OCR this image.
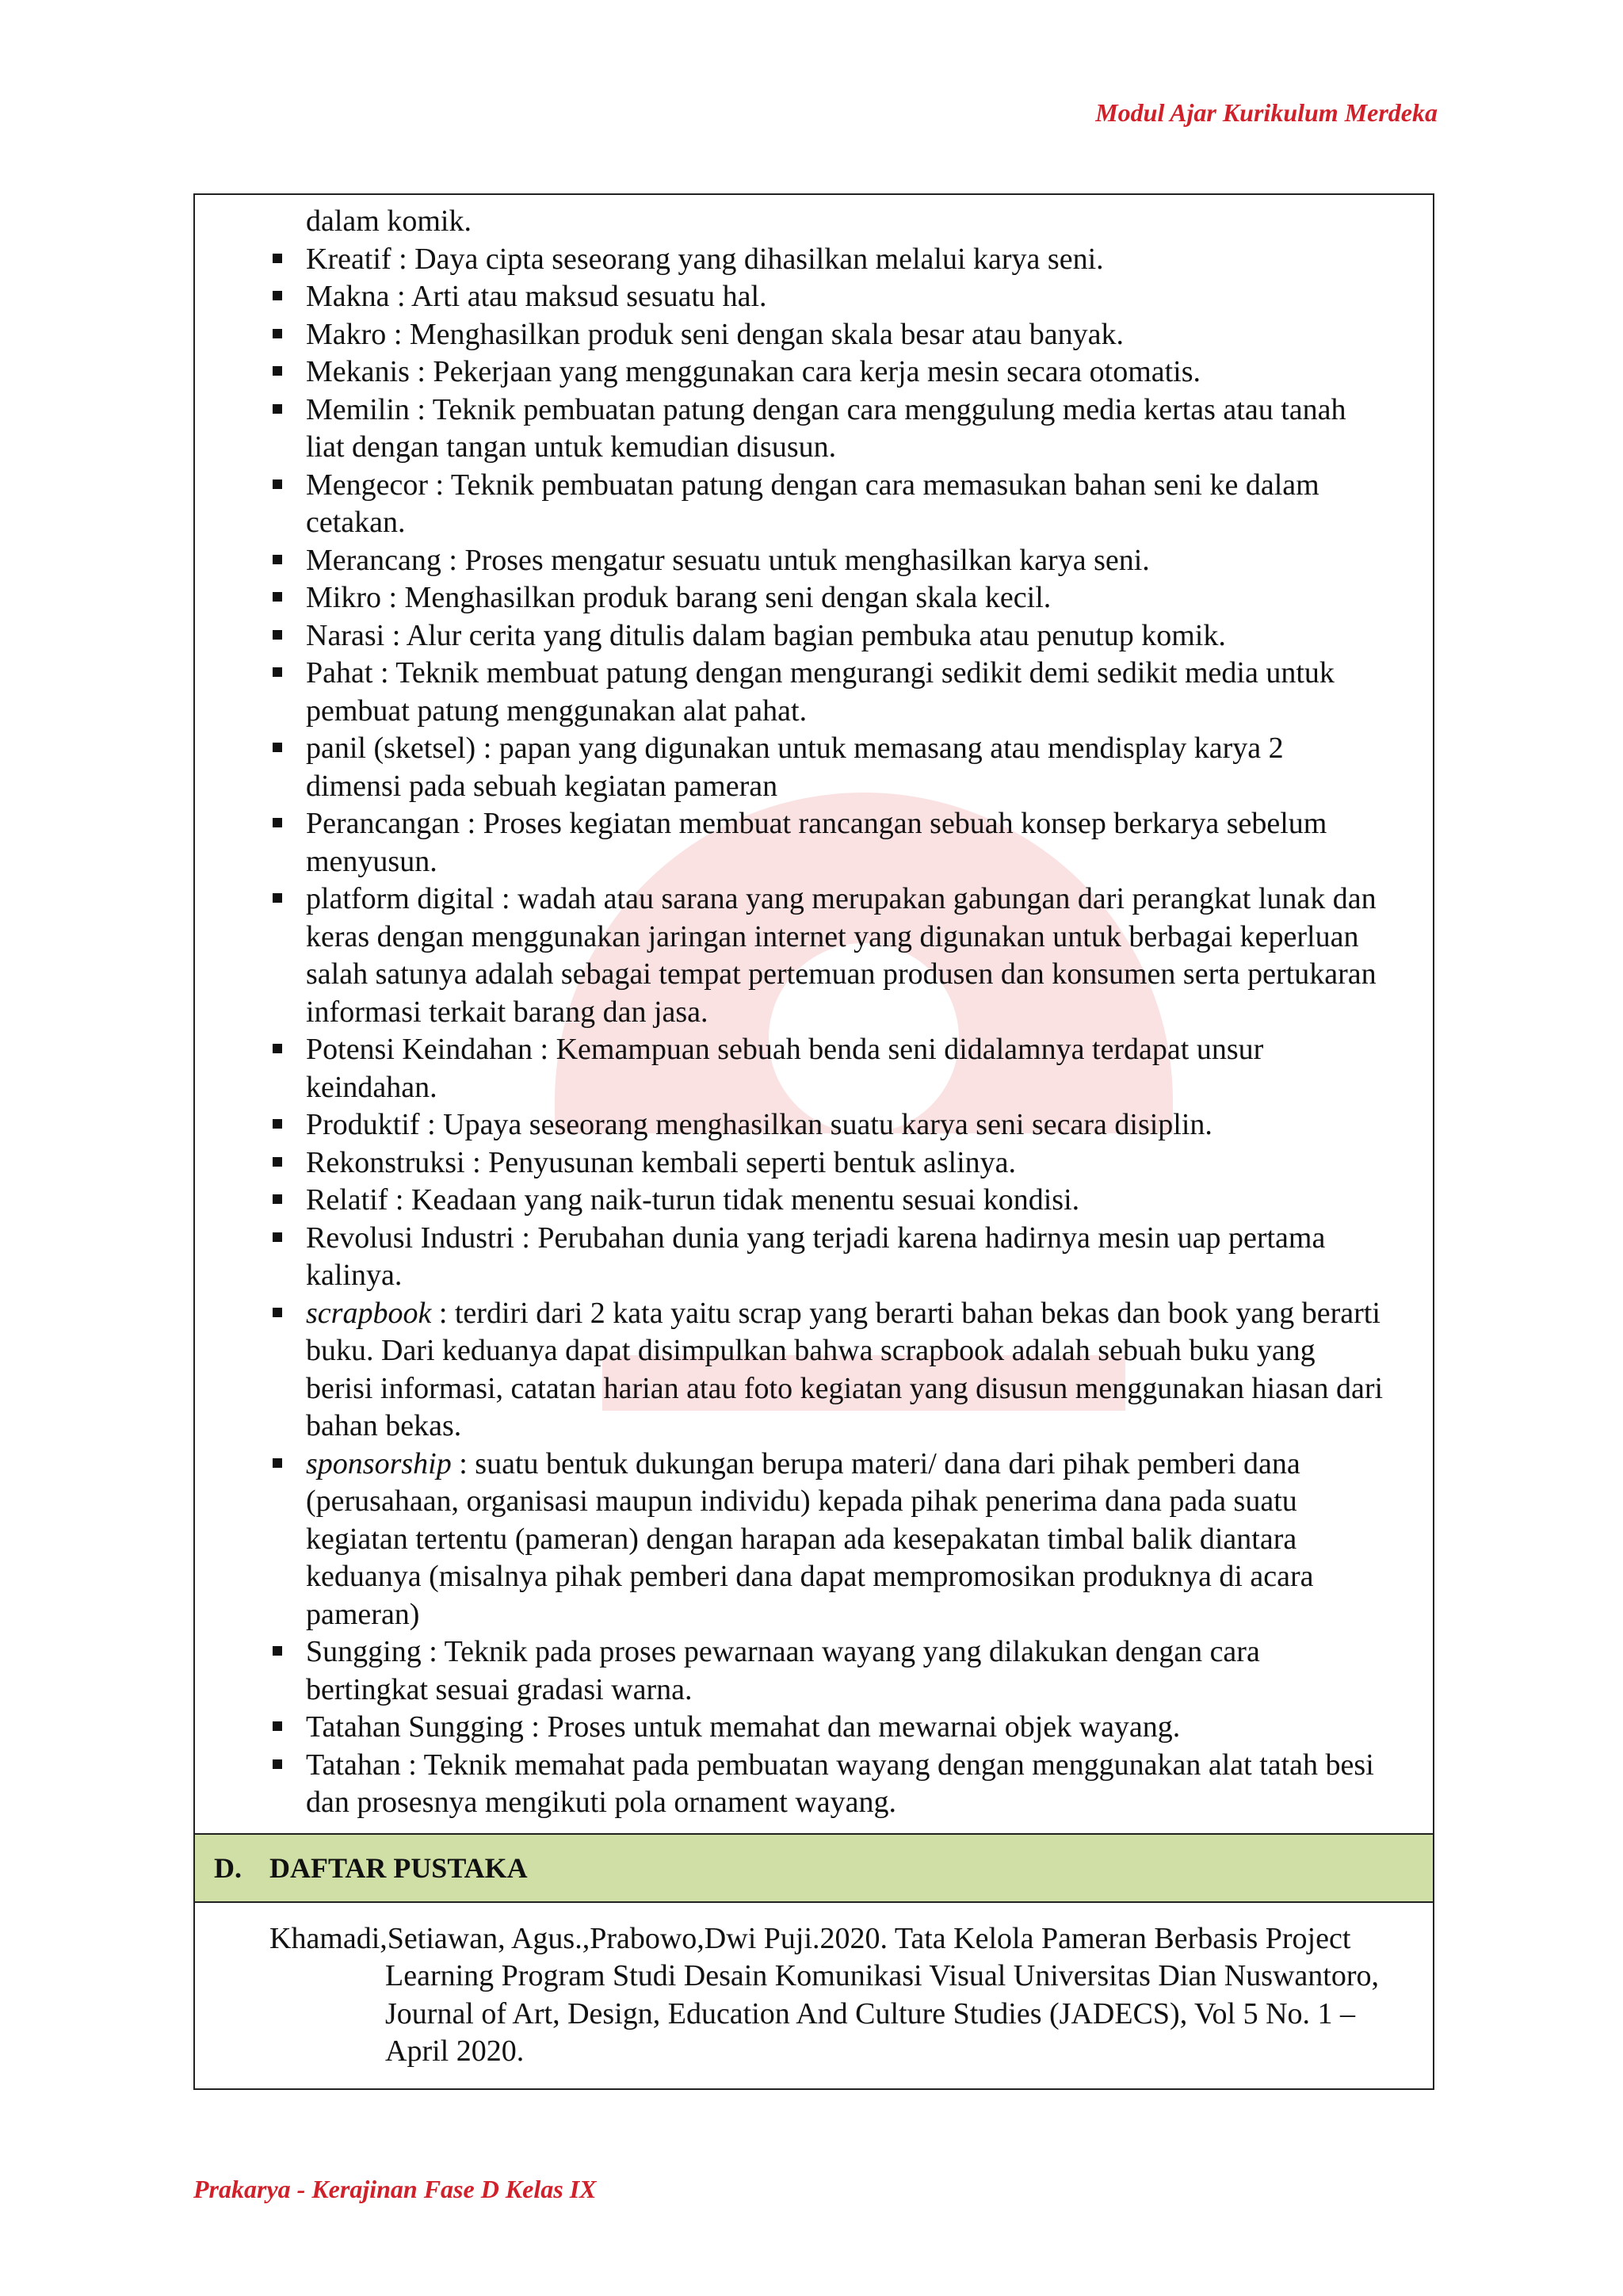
Modul Ajar Kurikulum Merdeka
dalam komik.
Kreatif : Daya cipta seseorang yang dihasilkan melalui karya seni.
Makna : Arti atau maksud sesuatu hal.
Makro : Menghasilkan produk seni dengan skala besar atau banyak.
Mekanis : Pekerjaan yang menggunakan cara kerja mesin secara otomatis.
Memilin : Teknik pembuatan patung dengan cara menggulung media kertas atau tanah liat dengan tangan untuk kemudian disusun.
Mengecor : Teknik pembuatan patung dengan cara memasukan bahan seni ke dalam cetakan.
Merancang : Proses mengatur sesuatu untuk menghasilkan karya seni.
Mikro : Menghasilkan produk barang seni dengan skala kecil.
Narasi : Alur cerita yang ditulis dalam bagian pembuka atau penutup komik.
Pahat : Teknik membuat patung dengan mengurangi sedikit demi sedikit media untuk pembuat patung menggunakan alat pahat.
panil (sketsel) : papan yang digunakan untuk memasang atau mendisplay karya 2 dimensi pada sebuah kegiatan pameran
Perancangan : Proses kegiatan membuat rancangan sebuah konsep berkarya sebelum menyusun.
platform digital : wadah atau sarana yang merupakan gabungan dari perangkat lunak dan keras dengan menggunakan jaringan internet yang digunakan untuk berbagai keperluan salah satunya adalah sebagai tempat pertemuan produsen dan konsumen serta pertukaran informasi terkait barang dan jasa.
Potensi Keindahan : Kemampuan sebuah benda seni didalamnya terdapat unsur keindahan.
Produktif : Upaya seseorang menghasilkan suatu karya seni secara disiplin.
Rekonstruksi : Penyusunan kembali seperti bentuk aslinya.
Relatif : Keadaan yang naik-turun tidak menentu sesuai kondisi.
Revolusi Industri : Perubahan dunia yang terjadi karena hadirnya mesin uap pertama kalinya.
scrapbook : terdiri dari 2 kata yaitu scrap yang berarti bahan bekas dan book yang berarti buku. Dari keduanya dapat disimpulkan bahwa scrapbook adalah sebuah buku yang berisi informasi, catatan harian atau foto kegiatan yang disusun menggunakan hiasan dari bahan bekas.
sponsorship : suatu bentuk dukungan berupa materi/ dana dari pihak pemberi dana (perusahaan, organisasi maupun individu) kepada pihak penerima dana pada suatu kegiatan tertentu (pameran) dengan harapan ada kesepakatan timbal balik diantara keduanya (misalnya pihak pemberi dana dapat mempromosikan produknya di acara pameran)
Sungging : Teknik pada proses pewarnaan wayang yang dilakukan dengan cara bertingkat sesuai gradasi warna.
Tatahan Sungging : Proses untuk memahat dan mewarnai objek wayang.
Tatahan : Teknik memahat pada pembuatan wayang dengan menggunakan alat tatah besi dan prosesnya mengikuti pola ornament wayang.
D. DAFTAR PUSTAKA

Khamadi,Setiawan, Agus.,Prabowo,Dwi Puji.2020. Tata Kelola Pameran Berbasis Project Learning Program Studi Desain Komunikasi Visual Universitas Dian Nuswantoro, Journal of Art, Design, Education And Culture Studies (JADECS), Vol 5 No. 1 – April 2020.

Prakarya - Kerajinan Fase D Kelas IX
